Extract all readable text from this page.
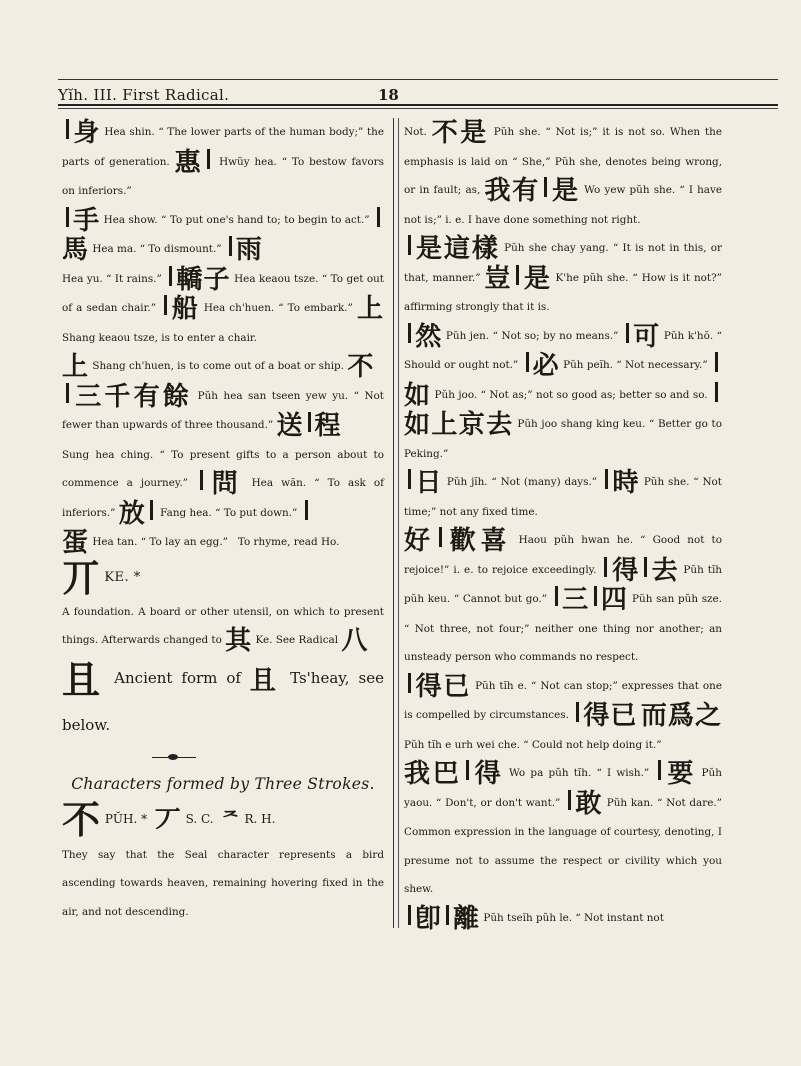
Yĭh. III. First Radical.	18

身 Hea shin. “ The lower parts of the human body;” the parts of generation. 惠 Hwŭy hea. “ To bestow favors on inferiors.”

手 Hea show. “ To put one's hand to; to begin to act.” 馬 Hea ma. “ To dismount.” 雨

Hea yu. “ It rains.” 轎子 Hea keaou tsze. “ To get out of a sedan chair.” 船 Hea ch'huen. “ To embark.” 上 Shang keaou tsze, is to enter a chair.

上 Shang ch'huen, is to come out of a boat or ship. 不

三千有餘 Pŭh hea san tseen yew yu. “ Not fewer than upwards of three thousand.” 送 程

Sung hea ching. “ To present gifts to a person about to commence a journey.” 問 Hea wăn. “ To ask of inferiors.” 放 Fang hea. “ To put down.”

蛋 Hea tan. “ To lay an egg.” To rhyme, read Ho.

丌 KE. *

A foundation. A board or other utensil, on which to present things. Afterwards changed to 其 Ke. See Radical 八

且 Ancient form of 且 Ts'heay, see below.

Characters formed by Three Strokes.

不 PŬH. * 丆 S. C. ᄌ R. H.

They say that the Seal character represents a bird ascending towards heaven, remaining hovering fixed in the air, and not descending.

Not. 不是 Pŭh she. “ Not is;” it is not so. When the emphasis is laid on “ She,” Pŭh she, denotes being wrong, or in fault; as, 我有 是 Wo yew pŭh she. “ I have not is;” i. e. I have done something not right.

是這樣 Pŭh she chay yang. “ It is not in this, or that, manner.” 豈 是 K'he pŭh she. “ How is it not?” affirming strongly that it is.

然 Pŭh jen. “ Not so; by no means.” 可 Pŭh k'hŏ. “ Should or ought not.” 必 Pŭh peĭh. “ Not necessary.” 如 Pŭh joo. “ Not as;” not so good as; better so and so. 如上京去 Pŭh joo shang king keu. “ Better go to Peking.”

日 Pŭh jĭh. “ Not (many) days.” 時 Pŭh she. “ Not time;” not any fixed time.

好 歡喜 Haou pŭh hwan he. “ Good not to rejoice!” i. e. to rejoice exceedingly. 得 去 Pŭh tĭh pŭh keu. “ Cannot but go.” 三 四 Pŭh san pŭh sze. “ Not three, not four;” neither one thing nor another; an unsteady person who commands no respect.

得已 Pŭh tĭh e. “ Not can stop;” expresses that one is compelled by circumstances. 得已 而爲之 Pŭh tĭh e urh wei che. “ Could not help doing it.”

我巴 得 Wo pa pŭh tĭh. “ I wish.” 要 Pŭh yaou. “ Don't, or don't want.” 敢 Pŭh kan. “ Not dare.” Common expression in the language of courtesy, denoting, I presume not to assume the respect or civility which you shew.

卽 離 Pŭh tseĭh pŭh le. “ Not instant not
